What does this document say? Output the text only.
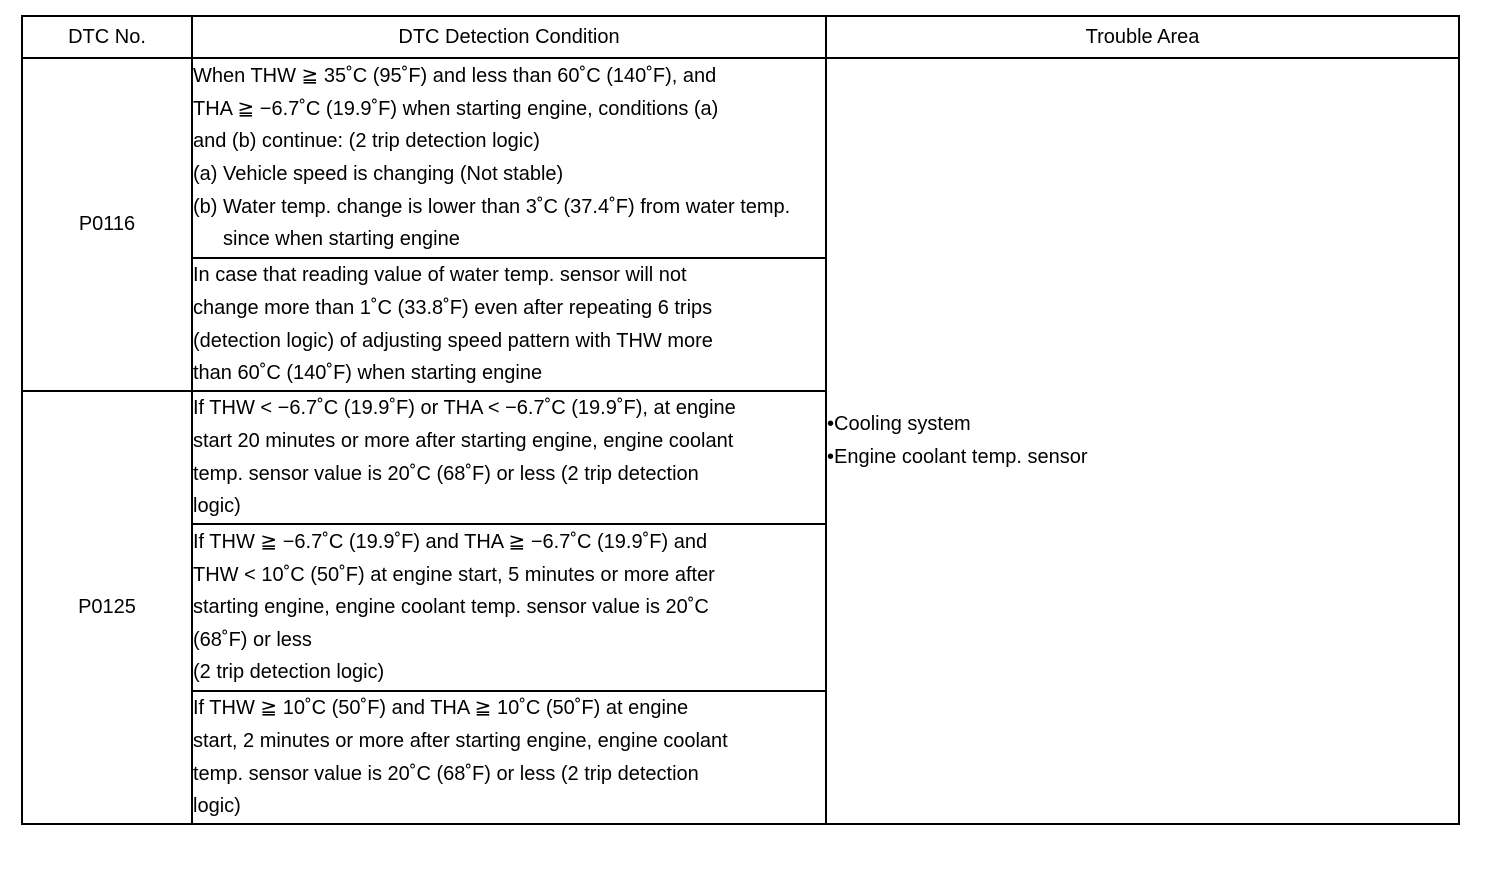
DTC No.	DTC Detection Condition	Trouble Area
P0116	When THW ≧ 35˚C (95˚F) and less than 60˚C (140˚F), and
THA ≧ −6.7˚C (19.9˚F) when starting engine, conditions (a)
and (b) continue: (2 trip detection logic)
(a) Vehicle speed is changing (Not stable)
(b) Water temp. change is lower than 3˚C (37.4˚F) from water temp. since when starting engine	•Cooling system
•Engine coolant temp. sensor

	In case that reading value of water temp. sensor will not
change more than 1˚C (33.8˚F) even after repeating 6 trips
(detection logic) of adjusting speed pattern with THW more
than 60˚C (140˚F) when starting engine	

P0125	If THW < −6.7˚C (19.9˚F) or THA < −6.7˚C (19.9˚F), at engine
start 20 minutes or more after starting engine, engine coolant
temp. sensor value is 20˚C (68˚F) or less (2 trip detection
logic)	

	If THW ≧ −6.7˚C (19.9˚F) and THA ≧ −6.7˚C (19.9˚F) and
THW < 10˚C (50˚F) at engine start, 5 minutes or more after
starting engine, engine coolant temp. sensor value is 20˚C
(68˚F) or less
(2 trip detection logic)	

	If THW ≧ 10˚C (50˚F) and THA ≧ 10˚C (50˚F) at engine
start, 2 minutes or more after starting engine, engine coolant
temp. sensor value is 20˚C (68˚F) or less (2 trip detection
logic)	
